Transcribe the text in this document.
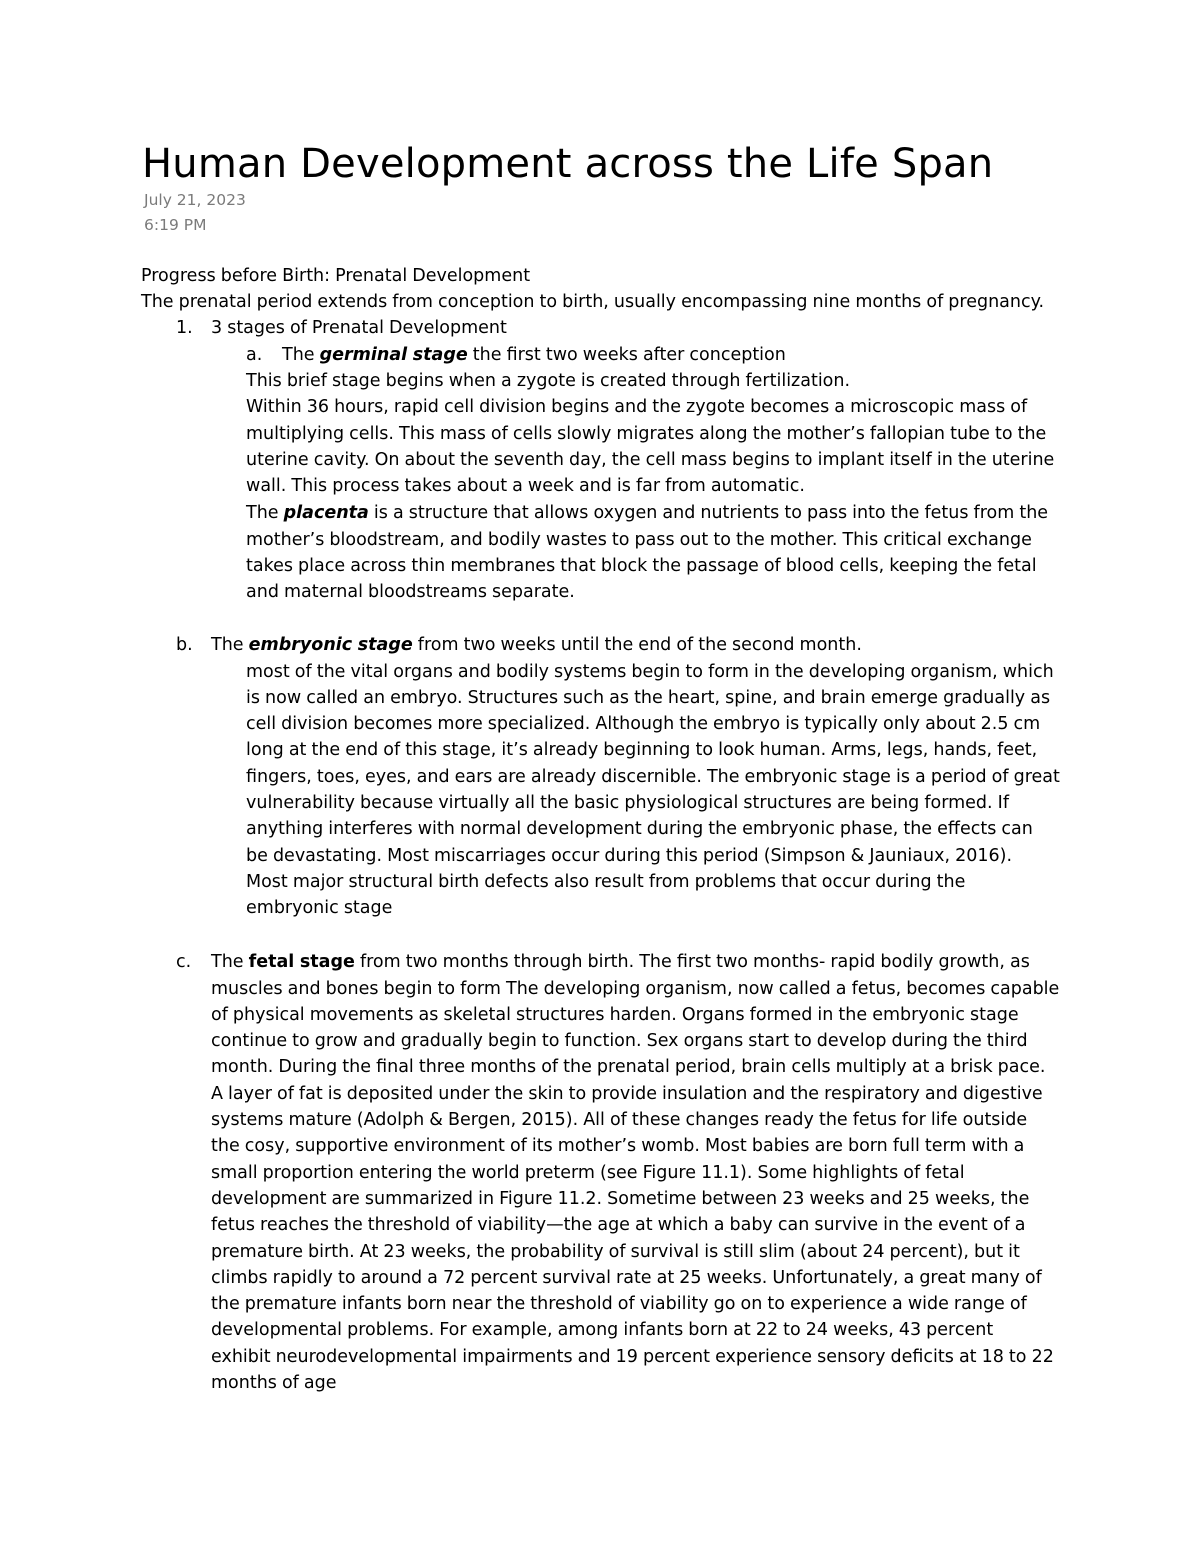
Human Development across the Life Span
July 21, 2023
6:19 PM
Progress before Birth: Prenatal Development
The prenatal period extends from conception to birth, usually encompassing nine months of pregnancy.
1. 3 stages of Prenatal Development
a. The germinal stage the first two weeks after conception
This brief stage begins when a zygote is created through fertilization.
Within 36 hours, rapid cell division begins and the zygote becomes a microscopic mass of
multiplying cells. This mass of cells slowly migrates along the mother’s fallopian tube to the
uterine cavity. On about the seventh day, the cell mass begins to implant itself in the uterine
wall. This process takes about a week and is far from automatic.
The placenta is a structure that allows oxygen and nutrients to pass into the fetus from the
mother’s bloodstream, and bodily wastes to pass out to the mother. This critical exchange
takes place across thin membranes that block the passage of blood cells, keeping the fetal
and maternal bloodstreams separate.
b. The embryonic stage from two weeks until the end of the second month.
most of the vital organs and bodily systems begin to form in the developing organism, which
is now called an embryo. Structures such as the heart, spine, and brain emerge gradually as
cell division becomes more specialized. Although the embryo is typically only about 2.5 cm
long at the end of this stage, it’s already beginning to look human. Arms, legs, hands, feet,
fingers, toes, eyes, and ears are already discernible. The embryonic stage is a period of great
vulnerability because virtually all the basic physiological structures are being formed. If
anything interferes with normal development during the embryonic phase, the effects can
be devastating. Most miscarriages occur during this period (Simpson & Jauniaux, 2016).
Most major structural birth defects also result from problems that occur during the
embryonic stage
c. The fetal stage from two months through birth. The first two months- rapid bodily growth, as
muscles and bones begin to form The developing organism, now called a fetus, becomes capable
of physical movements as skeletal structures harden. Organs formed in the embryonic stage
continue to grow and gradually begin to function. Sex organs start to develop during the third
month. During the final three months of the prenatal period, brain cells multiply at a brisk pace.
A layer of fat is deposited under the skin to provide insulation and the respiratory and digestive
systems mature (Adolph & Bergen, 2015). All of these changes ready the fetus for life outside
the cosy, supportive environment of its mother’s womb. Most babies are born full term with a
small proportion entering the world preterm (see Figure 11.1). Some highlights of fetal
development are summarized in Figure 11.2. Sometime between 23 weeks and 25 weeks, the
fetus reaches the threshold of viability—the age at which a baby can survive in the event of a
premature birth. At 23 weeks, the probability of survival is still slim (about 24 percent), but it
climbs rapidly to around a 72 percent survival rate at 25 weeks. Unfortunately, a great many of
the premature infants born near the threshold of viability go on to experience a wide range of
developmental problems. For example, among infants born at 22 to 24 weeks, 43 percent
exhibit neurodevelopmental impairments and 19 percent experience sensory deficits at 18 to 22
months of age
